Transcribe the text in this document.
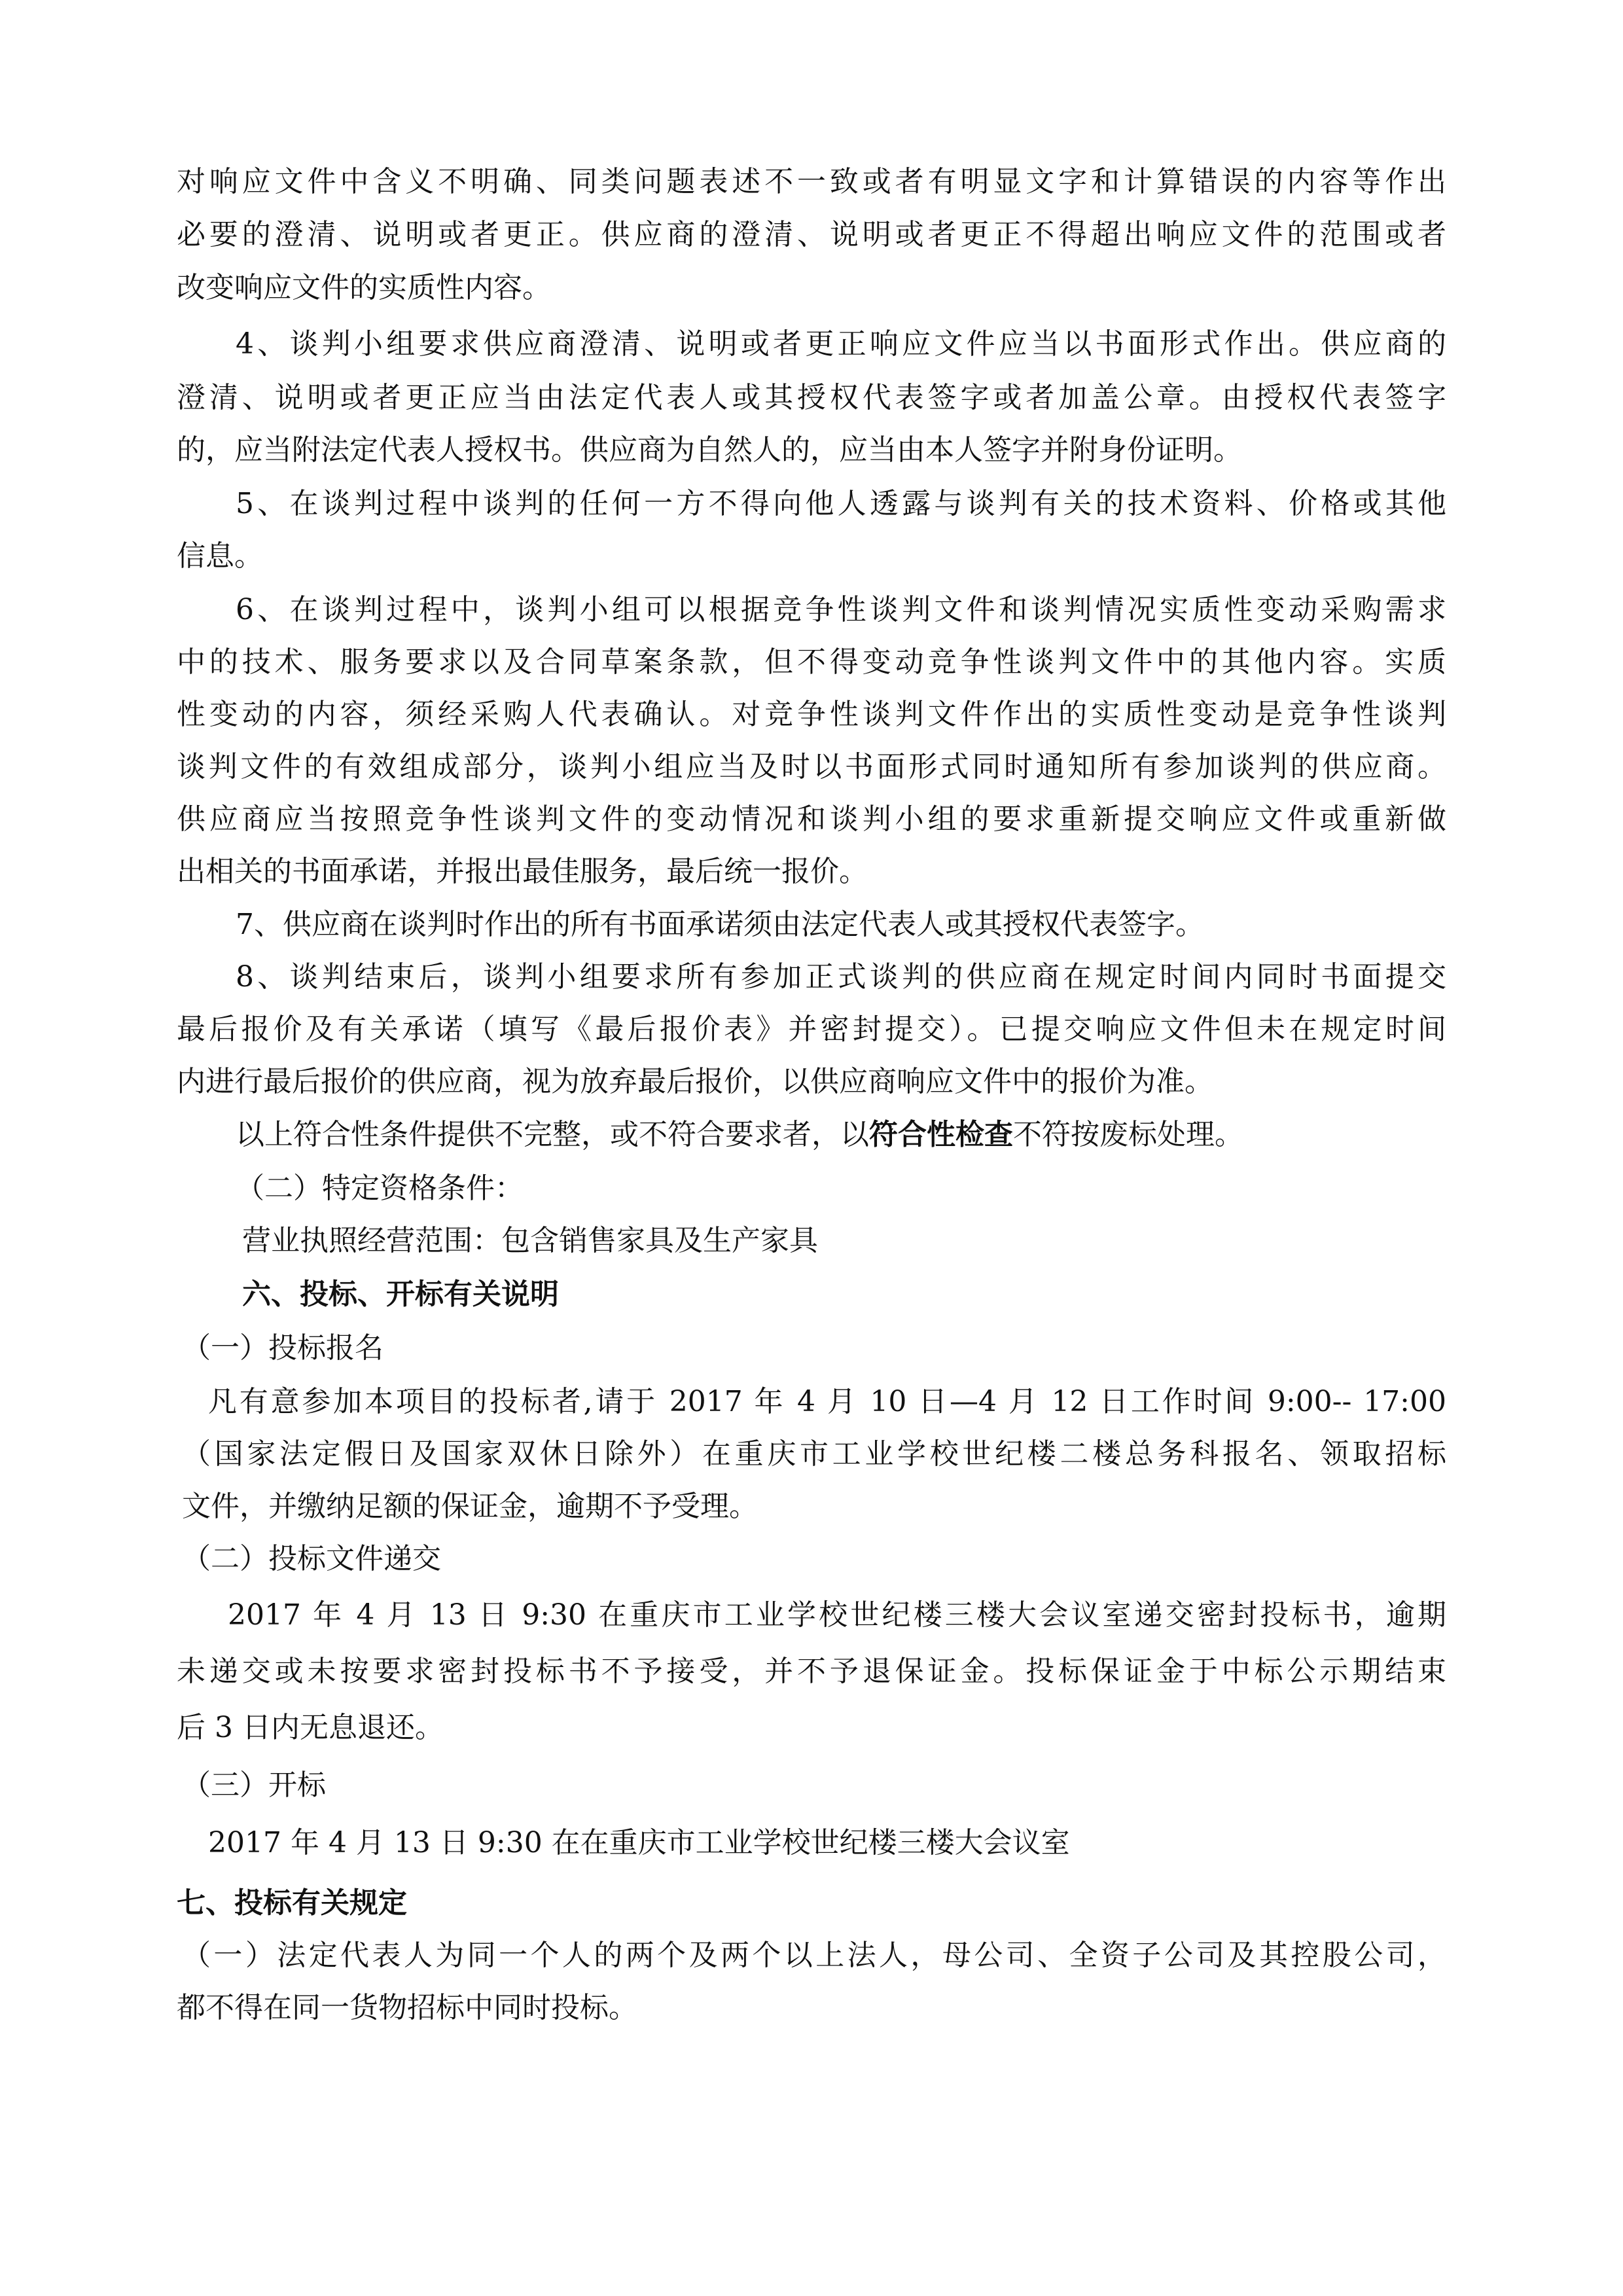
对响应文件中含义不明确、同类问题表述不一致或者有明显文字和计算错误的内容等作出

必要的澄清、说明或者更正。供应商的澄清、说明或者更正不得超出响应文件的范围或者

改变响应文件的实质性内容。

4、谈判小组要求供应商澄清、说明或者更正响应文件应当以书面形式作出。供应商的

澄清、说明或者更正应当由法定代表人或其授权代表签字或者加盖公章。由授权代表签字

的，应当附法定代表人授权书。供应商为自然人的，应当由本人签字并附身份证明。

5、在谈判过程中谈判的任何一方不得向他人透露与谈判有关的技术资料、价格或其他

信息。

6、在谈判过程中，谈判小组可以根据竞争性谈判文件和谈判情况实质性变动采购需求

中的技术、服务要求以及合同草案条款，但不得变动竞争性谈判文件中的其他内容。实质

性变动的内容，须经采购人代表确认。对竞争性谈判文件作出的实质性变动是竞争性谈判

谈判文件的有效组成部分，谈判小组应当及时以书面形式同时通知所有参加谈判的供应商。

供应商应当按照竞争性谈判文件的变动情况和谈判小组的要求重新提交响应文件或重新做

出相关的书面承诺，并报出最佳服务，最后统一报价。

7、供应商在谈判时作出的所有书面承诺须由法定代表人或其授权代表签字。

8、谈判结束后，谈判小组要求所有参加正式谈判的供应商在规定时间内同时书面提交

最后报价及有关承诺（填写《最后报价表》并密封提交）。已提交响应文件但未在规定时间

内进行最后报价的供应商，视为放弃最后报价，以供应商响应文件中的报价为准。

以上符合性条件提供不完整，或不符合要求者，以符合性检查不符按废标处理。

（二）特定资格条件：

营业执照经营范围：包含销售家具及生产家具

六、投标、开标有关说明

（一）投标报名

凡有意参加本项目的投标者,请于 2017 年 4 月 10 日—4 月 12 日工作时间 9:00-- 17:00

（国家法定假日及国家双休日除外）在重庆市工业学校世纪楼二楼总务科报名、领取招标

文件，并缴纳足额的保证金，逾期不予受理。

（二）投标文件递交

2017 年 4 月 13 日 9:30 在重庆市工业学校世纪楼三楼大会议室递交密封投标书，逾期

未递交或未按要求密封投标书不予接受，并不予退保证金。投标保证金于中标公示期结束

后 3 日内无息退还。

（三）开标

2017 年 4 月 13 日 9:30 在在重庆市工业学校世纪楼三楼大会议室

七、投标有关规定

（一）法定代表人为同一个人的两个及两个以上法人，母公司、全资子公司及其控股公司，

都不得在同一货物招标中同时投标。
